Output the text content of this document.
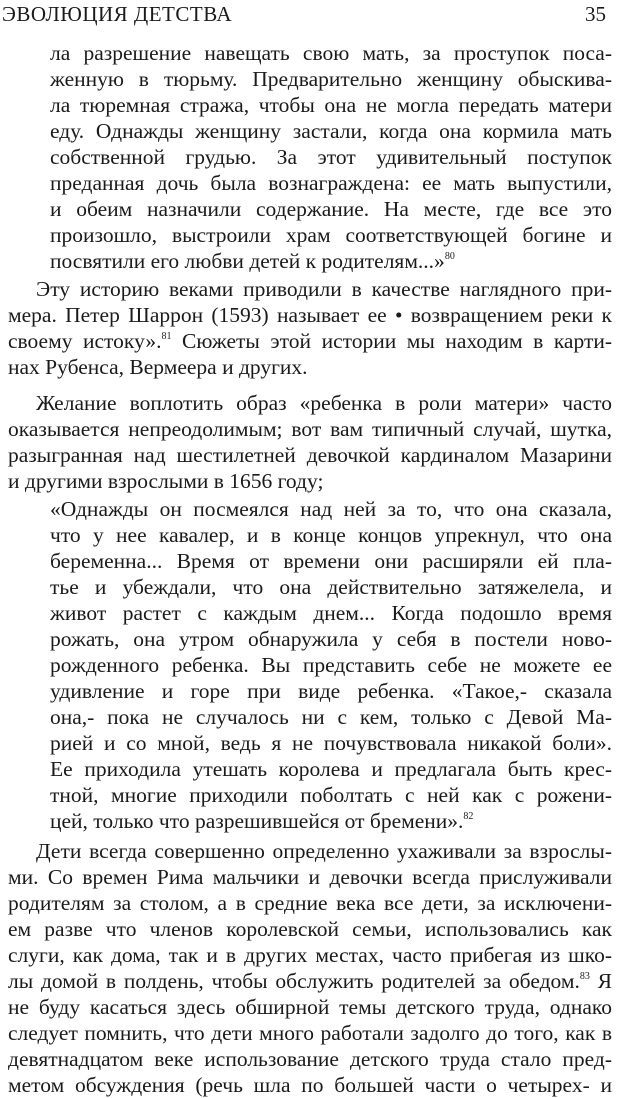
ЭВОЛЮЦИЯ ДЕТСТВА	35
ла разрешение навещать свою мать, за проступок поса-
женную в тюрьму. Предварительно женщину обыскива-
ла тюремная стража, чтобы она не могла передать матери
еду. Однажды женщину застали, когда она кормила мать
собственной грудью. За этот удивительный поступок
преданная дочь была вознаграждена: ее мать выпустили,
и обеим назначили содержание. На месте, где все это
произошло, выстроили храм соответствующей богине и
посвятили его любви детей к родителям...»$^{80}$
Эту историю веками приводили в качестве наглядного при-
мера. Петер Шаррон (1593) называет ее • возвращением реки к
своему истоку».$^{81}$ Сюжеты этой истории мы находим в карти-
нах Рубенса, Вермеера и других.
Желание воплотить образ «ребенка в роли матери» часто
оказывается непреодолимым; вот вам типичный случай, шутка,
разыгранная над шестилетней девочкой кардиналом Мазарини
и другими взрослыми в 1656 году;
«Однажды он посмеялся над ней за то, что она сказала,
что у нее кавалер, и в конце концов упрекнул, что она
беременна... Время от времени они расширяли ей пла-
тье и убеждали, что она действительно затяжелела, и
живот растет с каждым днем... Когда подошло время
рожать, она утром обнаружила у себя в постели ново-
рожденного ребенка. Вы представить себе не можете ее
удивление и горе при виде ребенка. «Такое,- сказала
она,- пока не случалось ни с кем, только с Девой Ма-
рией и со мной, ведь я не почувствовала никакой боли».
Ее приходила утешать королева и предлагала быть крес-
тной, многие приходили поболтать с ней как с рожени-
цей, только что разрешившейся от бремени».$^{82}$
Дети всегда совершенно определенно ухаживали за взрослы-
ми. Со времен Рима мальчики и девочки всегда прислуживали
родителям за столом, а в средние века все дети, за исключени-
ем разве что членов королевской семьи, использовались как
слуги, как дома, так и в других местах, часто прибегая из шко-
лы домой в полдень, чтобы обслужить родителей за обедом.$^{83}$ Я
не буду касаться здесь обширной темы детского труда, однако
следует помнить, что дети много работали задолго до того, как в
девятнадцатом веке использование детского труда стало пред-
метом обсуждения (речь шла по большей части о четырех- и
